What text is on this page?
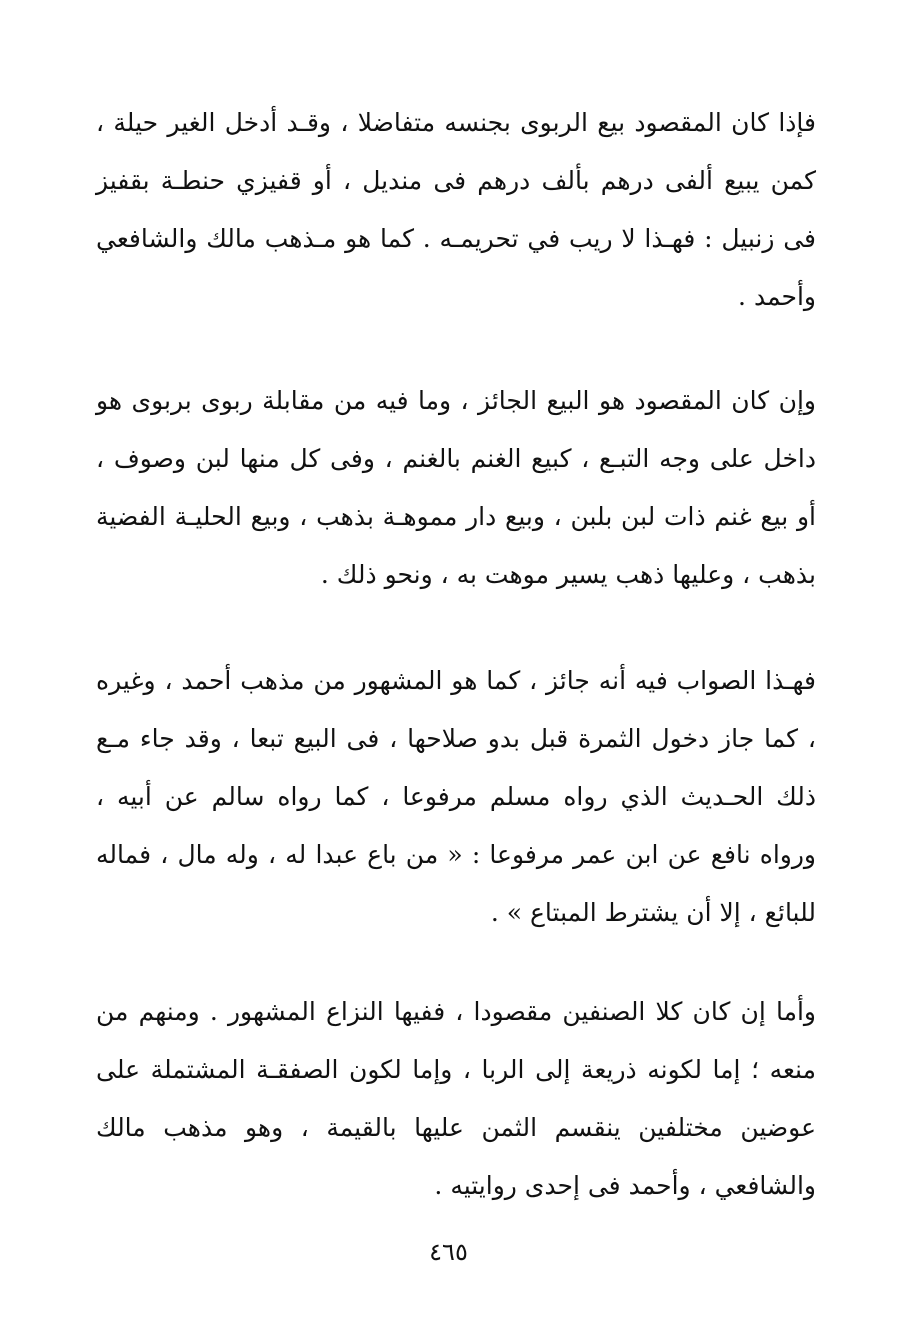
فإذا كان المقصود بيع الربوى بجنسه متفاضلا ، وقـد أدخل الغير حيلة ، كمن يبيع ألفى درهم بألف درهم فى منديل ، أو قفيزي حنطـة بقفيز فى زنبيل : فهـذا لا ريب في تحريمـه . كما هو مـذهب مالك والشافعي وأحمد .

وإن كان المقصود هو البيع الجائز ، وما فيه من مقابلة ربوى بربوى هو داخل على وجه التبـع ، كبيع الغنم بالغنم ، وفى كل منها لبن وصوف ، أو بيع غنم ذات لبن بلبن ، وبيع دار مموهـة بذهب ، وبيع الحليـة الفضية بذهب ، وعليها ذهب يسير موهت به ، ونحو ذلك .

فهـذا الصواب فيه أنه جائز ، كما هو المشهور من مذهب أحمد ، وغيره ، كما جاز دخول الثمرة قبل بدو صلاحها ، فى البيع تبعا ، وقد جاء مـع ذلك الحـديث الذي رواه مسلم مرفوعا ، كما رواه سالم عن أبيه ، ورواه نافع عن ابن عمر مرفوعا : « من باع عبدا له ، وله مال ، فماله للبائع ، إلا أن يشترط المبتاع » .

وأما إن كان كلا الصنفين مقصودا ، ففيها النزاع المشهور . ومنهم من منعه ؛ إما لكونه ذريعة إلى الربا ، وإما لكون الصفقـة المشتملة على عوضين مختلفين ينقسم الثمن عليها بالقيمة ، وهو مذهب مالك والشافعي ، وأحمد فى إحدى روايتيه .

٤٦٥
